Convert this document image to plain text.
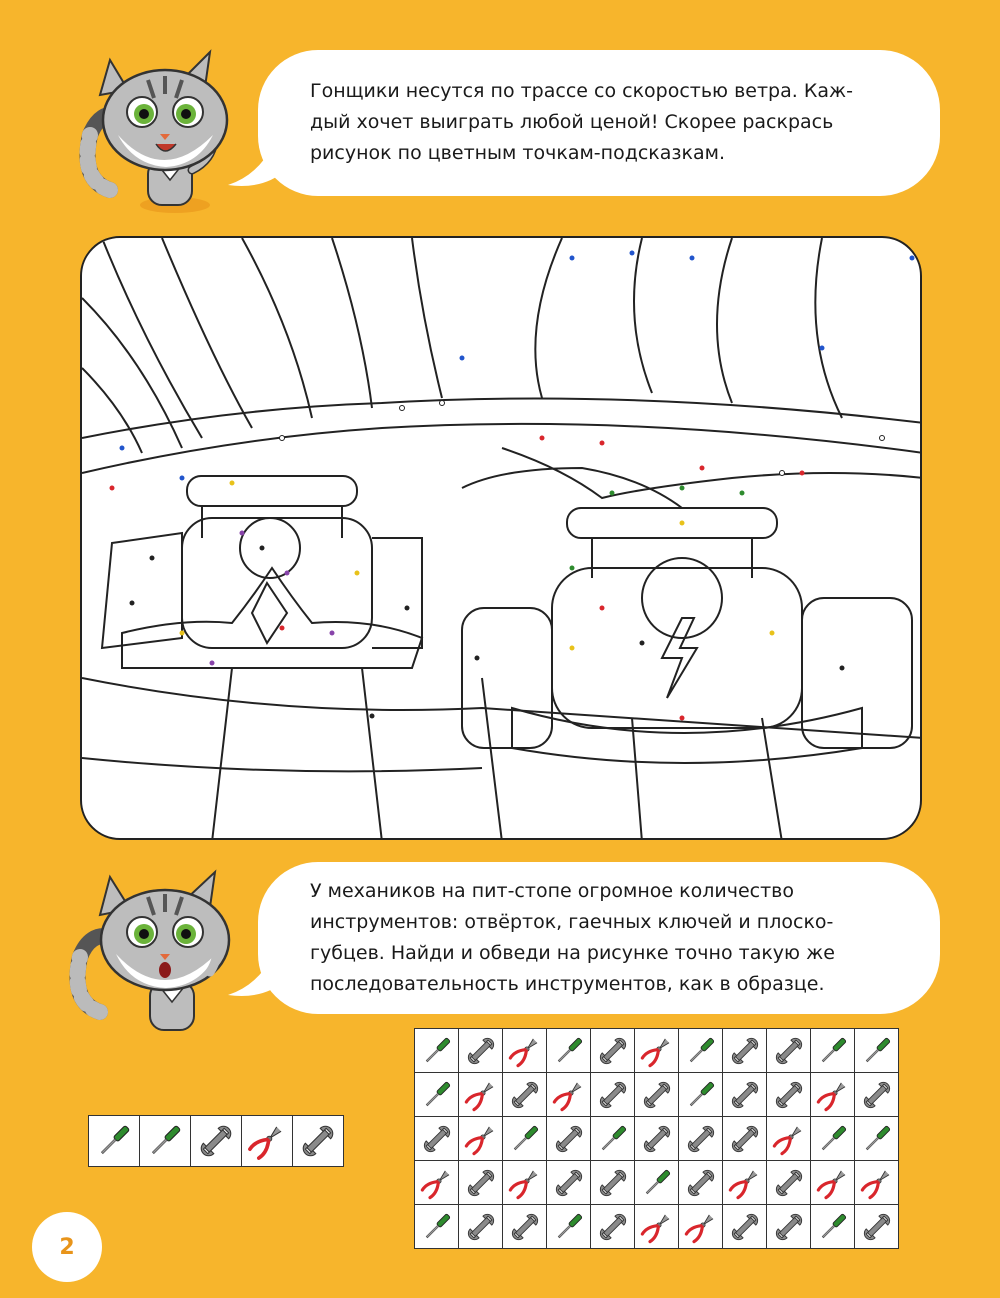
Гонщики несутся по трассе со скоростью ветра. Каж-

дый хочет выиграть любой ценой! Скорее раскрась

рисунок по цветным точкам-подсказкам.

У механиков на пит-стопе огромное количество

инструментов: отвёрток, гаечных ключей и плоско-

губцев. Найди и обведи на рисунке точно такую же

последовательность инструментов, как в образце.

2
